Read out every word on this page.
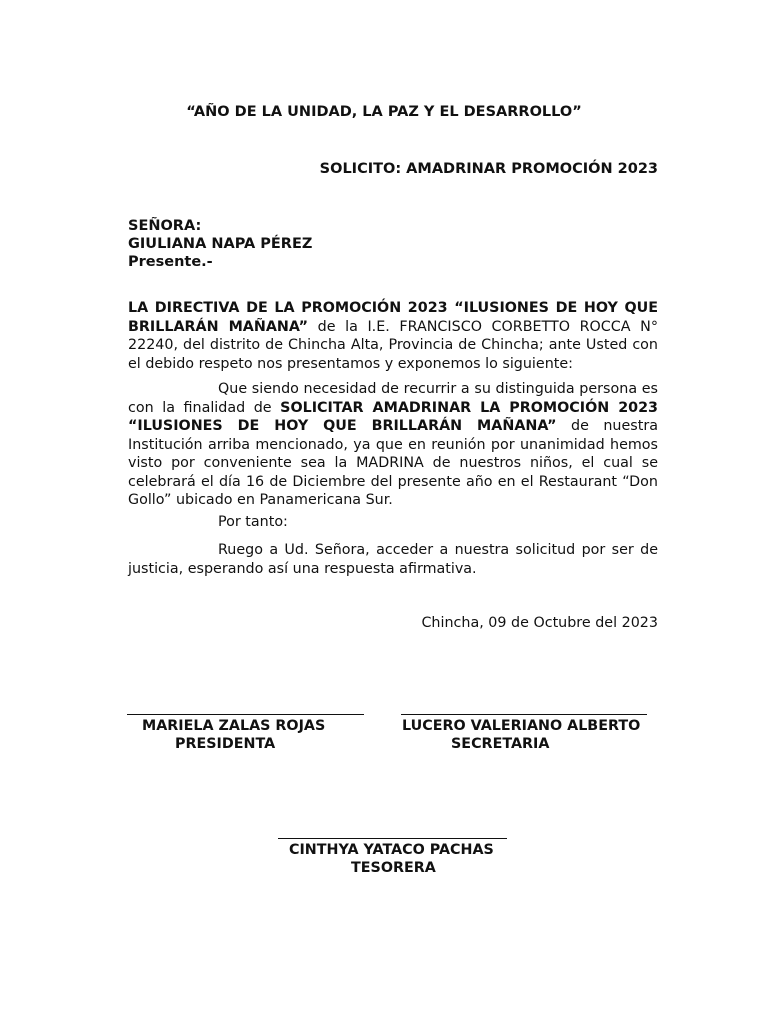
“AÑO DE LA UNIDAD, LA PAZ Y EL DESARROLLO”
SOLICITO: AMADRINAR PROMOCIÓN 2023
SEÑORA:
GIULIANA NAPA PÉREZ
Presente.-
LA DIRECTIVA DE LA PROMOCIÓN 2023 “ILUSIONES DE HOY QUE BRILLARÁN MAÑANA” de la I.E. FRANCISCO CORBETTO ROCCA N° 22240, del distrito de Chincha Alta, Provincia de Chincha; ante Usted con el debido respeto nos presentamos y exponemos lo siguiente:
Que siendo necesidad de recurrir a su distinguida persona es con la finalidad de SOLICITAR AMADRINAR LA PROMOCIÓN 2023 “ILUSIONES DE HOY QUE BRILLARÁN MAÑANA” de nuestra Institución arriba mencionado, ya que en reunión por unanimidad hemos visto por conveniente sea la MADRINA de nuestros niños, el cual se celebrará el día 16 de Diciembre del presente año en el Restaurant “Don Gollo” ubicado en Panamericana Sur.
Por tanto:
Ruego a Ud. Señora, acceder a nuestra solicitud por ser de justicia, esperando así una respuesta afirmativa.
Chincha, 09 de Octubre del 2023
MARIELA ZALAS ROJAS
PRESIDENTA
LUCERO VALERIANO ALBERTO
SECRETARIA
CINTHYA YATACO PACHAS
TESORERA
